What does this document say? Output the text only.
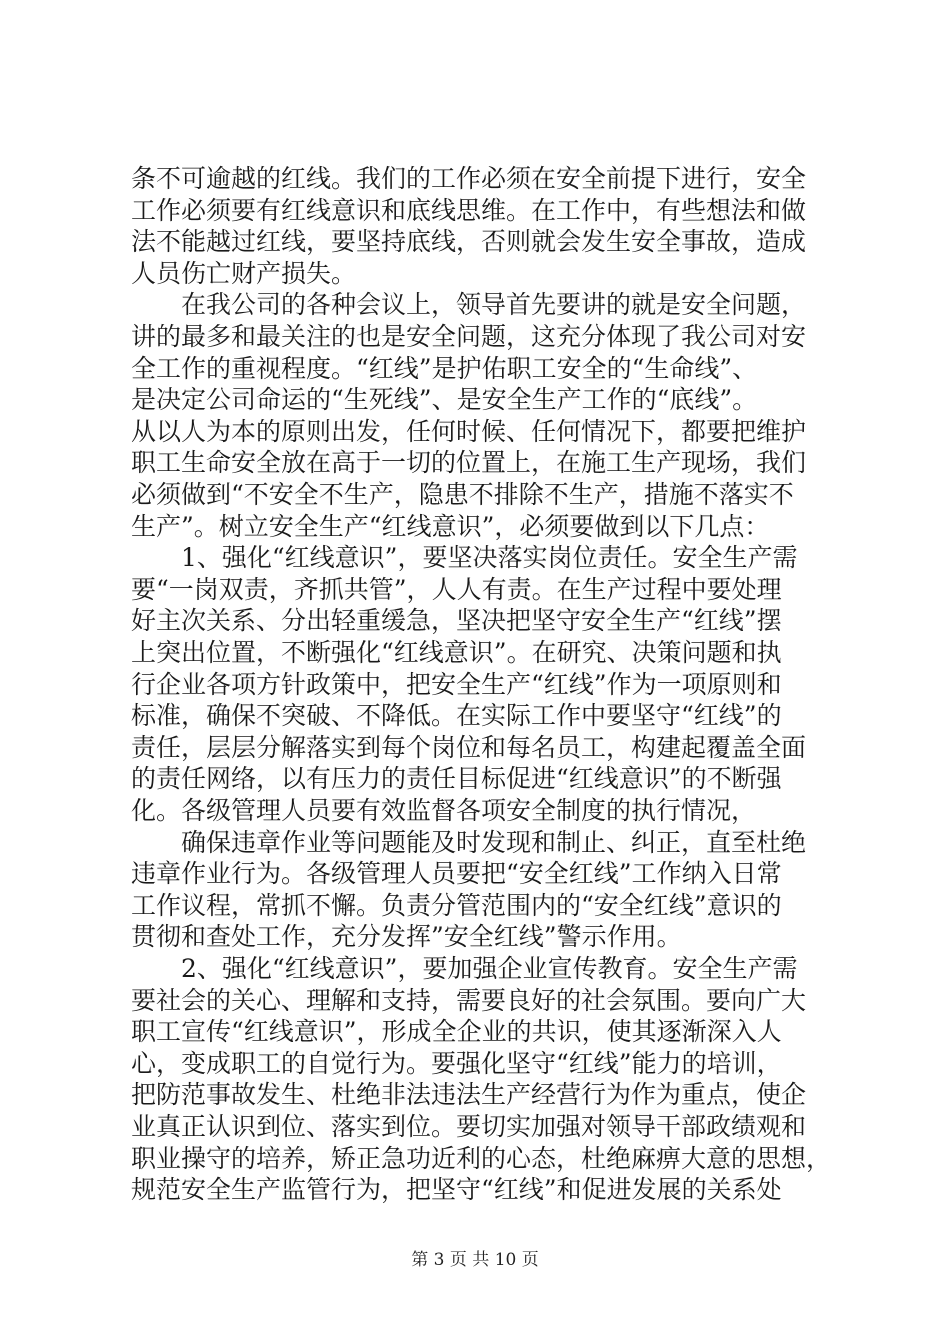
条不可逾越的红线。我们的工作必须在安全前提下进行，安全
工作必须要有红线意识和底线思维。在工作中，有些想法和做
法不能越过红线，要坚持底线，否则就会发生安全事故，造成
人员伤亡财产损失。
　　在我公司的各种会议上，领导首先要讲的就是安全问题，
讲的最多和最关注的也是安全问题，这充分体现了我公司对安
全工作的重视程度。“红线”是护佑职工安全的“生命线”、
是决定公司命运的“生死线”、是安全生产工作的“底线”。
从以人为本的原则出发，任何时候、任何情况下，都要把维护
职工生命安全放在高于一切的位置上，在施工生产现场，我们
必须做到“不安全不生产，隐患不排除不生产，措施不落实不
生产”。树立安全生产“红线意识”，必须要做到以下几点：
　　1、强化“红线意识”，要坚决落实岗位责任。安全生产需
要“一岗双责，齐抓共管”，人人有责。在生产过程中要处理
好主次关系、分出轻重缓急，坚决把坚守安全生产“红线”摆
上突出位置，不断强化“红线意识”。在研究、决策问题和执
行企业各项方针政策中，把安全生产“红线”作为一项原则和
标准，确保不突破、不降低。在实际工作中要坚守“红线”的
责任，层层分解落实到每个岗位和每名员工，构建起覆盖全面
的责任网络，以有压力的责任目标促进“红线意识”的不断强
化。各级管理人员要有效监督各项安全制度的执行情况，
　　确保违章作业等问题能及时发现和制止、纠正，直至杜绝
违章作业行为。各级管理人员要把“安全红线”工作纳入日常
工作议程，常抓不懈。负责分管范围内的“安全红线”意识的
贯彻和查处工作，充分发挥”安全红线”警示作用。
　　2、强化“红线意识”，要加强企业宣传教育。安全生产需
要社会的关心、理解和支持，需要良好的社会氛围。要向广大
职工宣传“红线意识”，形成全企业的共识，使其逐渐深入人
心，变成职工的自觉行为。要强化坚守“红线”能力的培训，
把防范事故发生、杜绝非法违法生产经营行为作为重点，使企
业真正认识到位、落实到位。要切实加强对领导干部政绩观和
职业操守的培养，矫正急功近利的心态，杜绝麻痹大意的思想，
规范安全生产监管行为，把坚守“红线”和促进发展的关系处
第 3 页 共 10 页
